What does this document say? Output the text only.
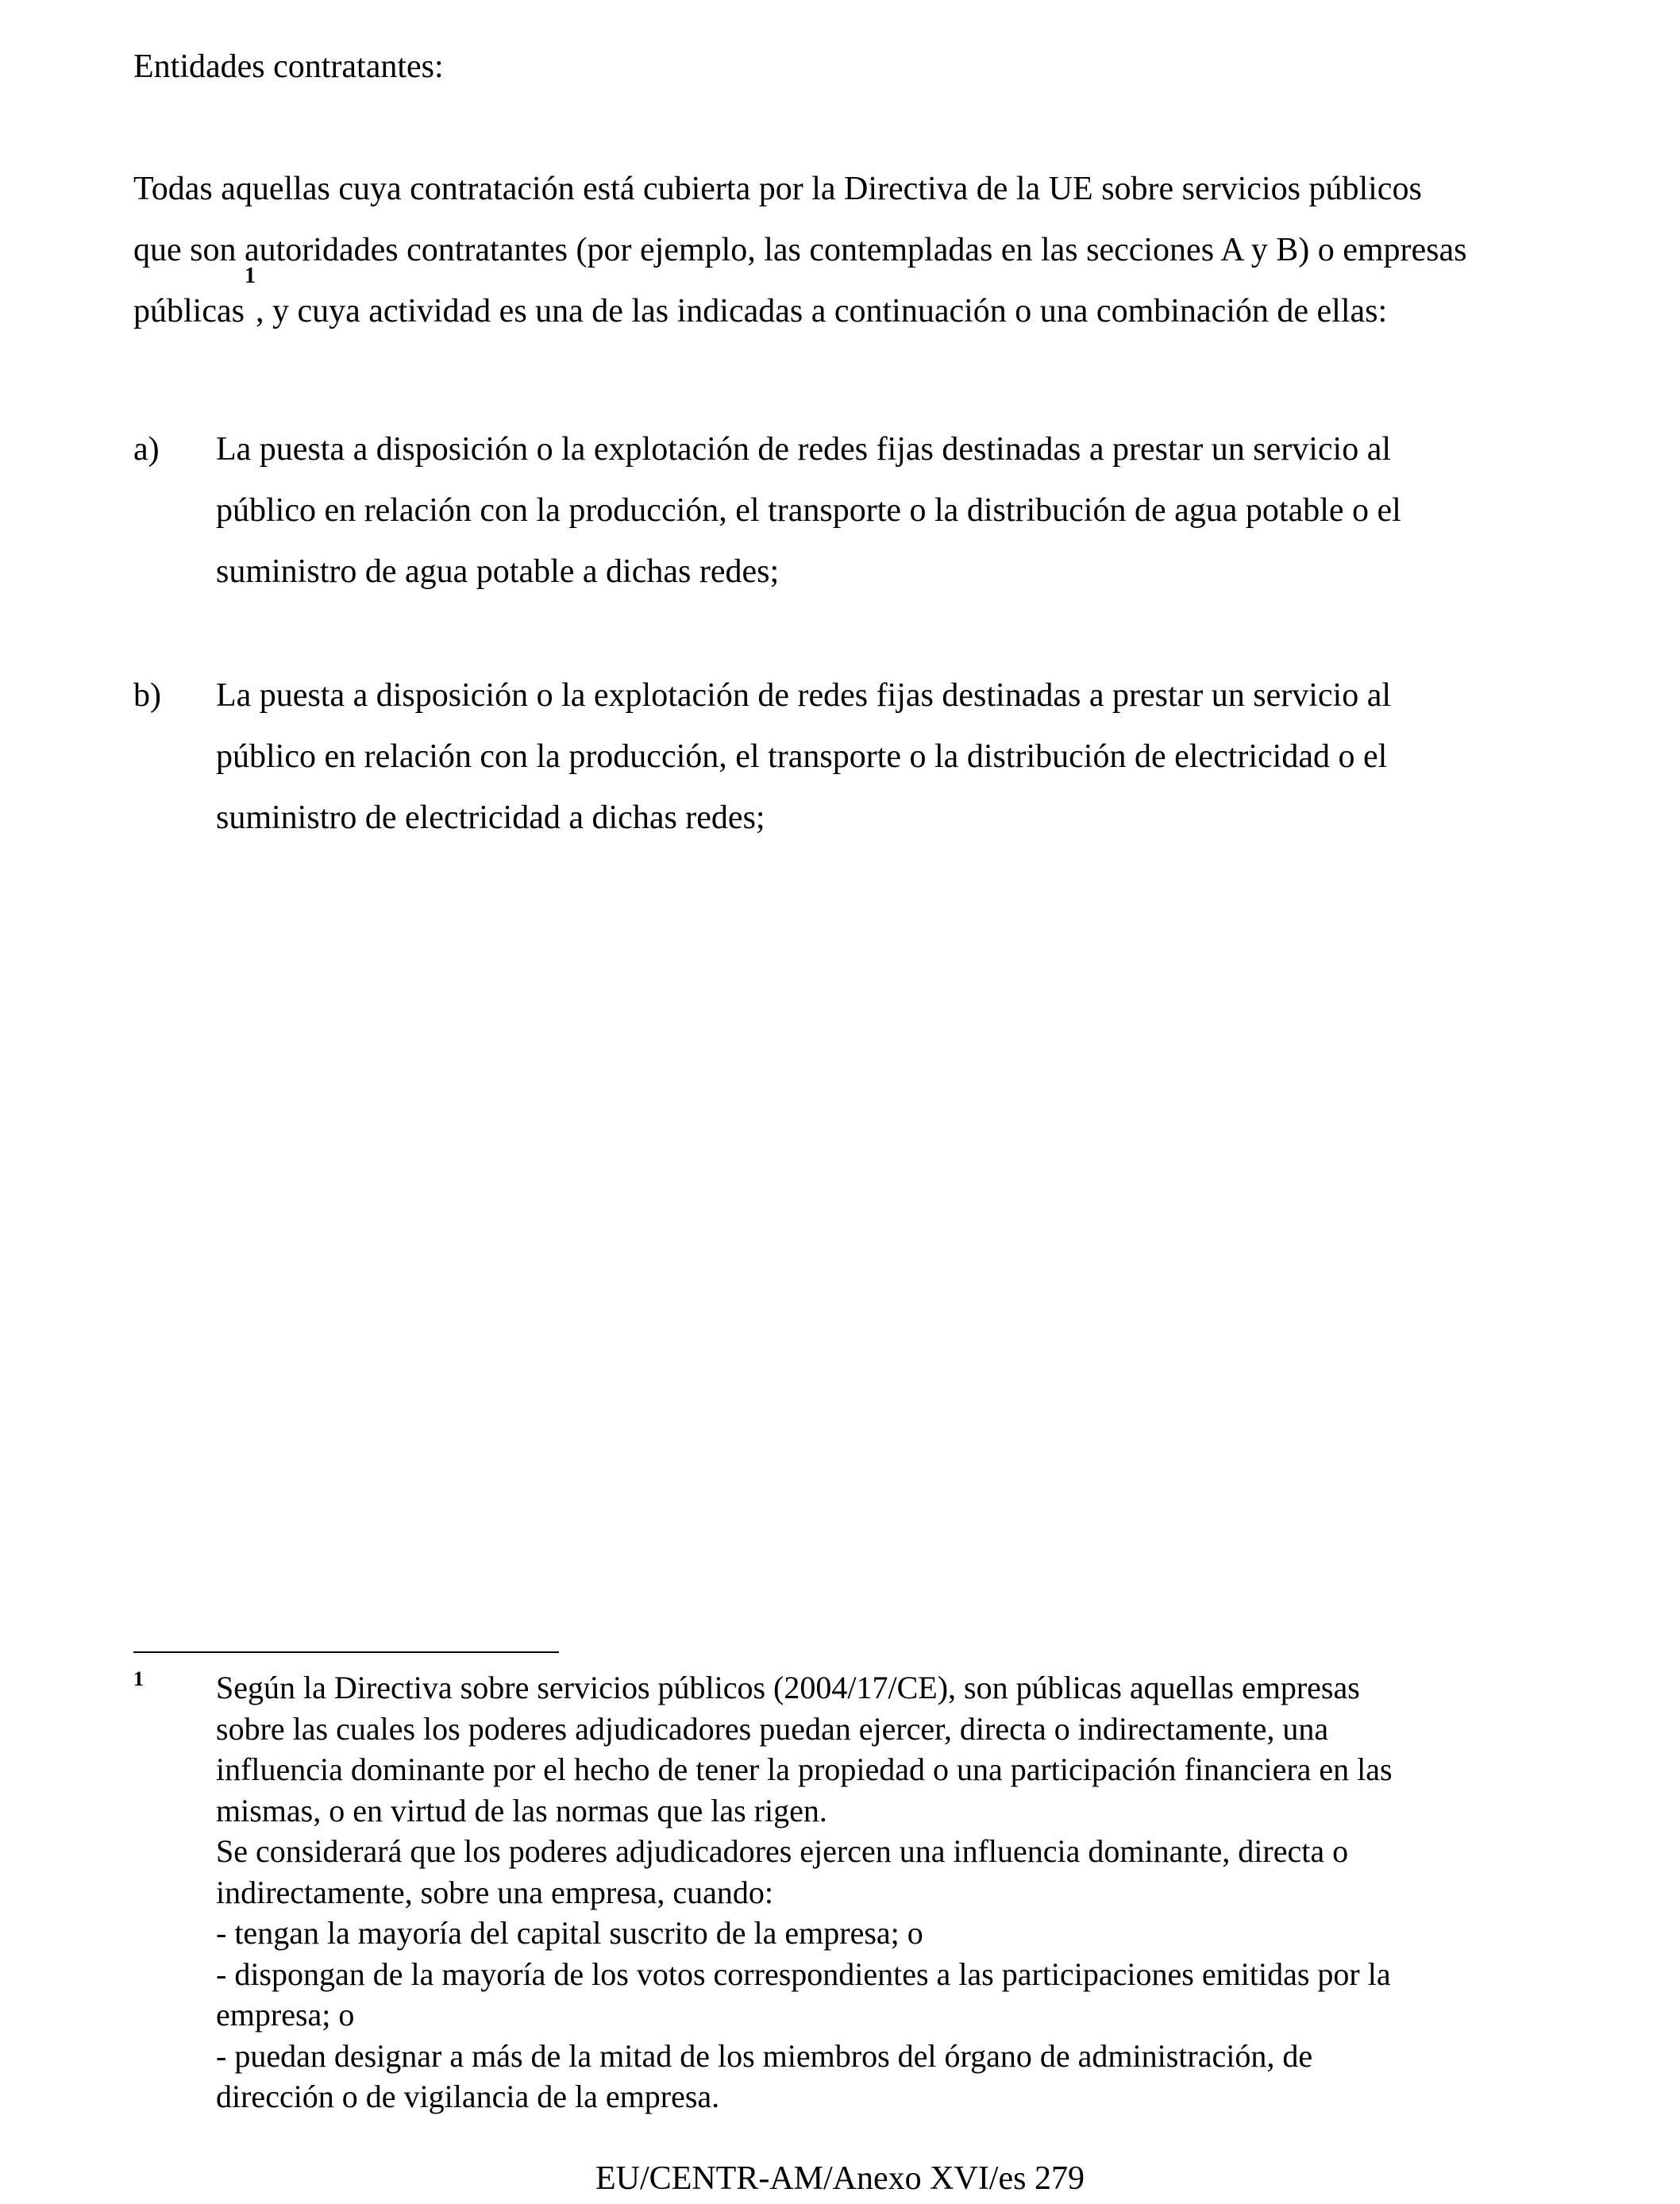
Entidades contratantes:
Todas aquellas cuya contratación está cubierta por la Directiva de la UE sobre servicios públicos
que son autoridades contratantes (por ejemplo, las contempladas en las secciones A y B) o empresas
públicas$^1$, y cuya actividad es una de las indicadas a continuación o una combinación de ellas:
a) La puesta a disposición o la explotación de redes fijas destinadas a prestar un servicio al
público en relación con la producción, el transporte o la distribución de agua potable o el
suministro de agua potable a dichas redes;
b) La puesta a disposición o la explotación de redes fijas destinadas a prestar un servicio al
público en relación con la producción, el transporte o la distribución de electricidad o el
suministro de electricidad a dichas redes;
1 Según la Directiva sobre servicios públicos (2004/17/CE), son públicas aquellas empresas
sobre las cuales los poderes adjudicadores puedan ejercer, directa o indirectamente, una
influencia dominante por el hecho de tener la propiedad o una participación financiera en las
mismas, o en virtud de las normas que las rigen.
Se considerará que los poderes adjudicadores ejercen una influencia dominante, directa o
indirectamente, sobre una empresa, cuando:
- tengan la mayoría del capital suscrito de la empresa; o
- dispongan de la mayoría de los votos correspondientes a las participaciones emitidas por la
empresa; o
- puedan designar a más de la mitad de los miembros del órgano de administración, de
dirección o de vigilancia de la empresa.
EU/CENTR-AM/Anexo XVI/es 279
